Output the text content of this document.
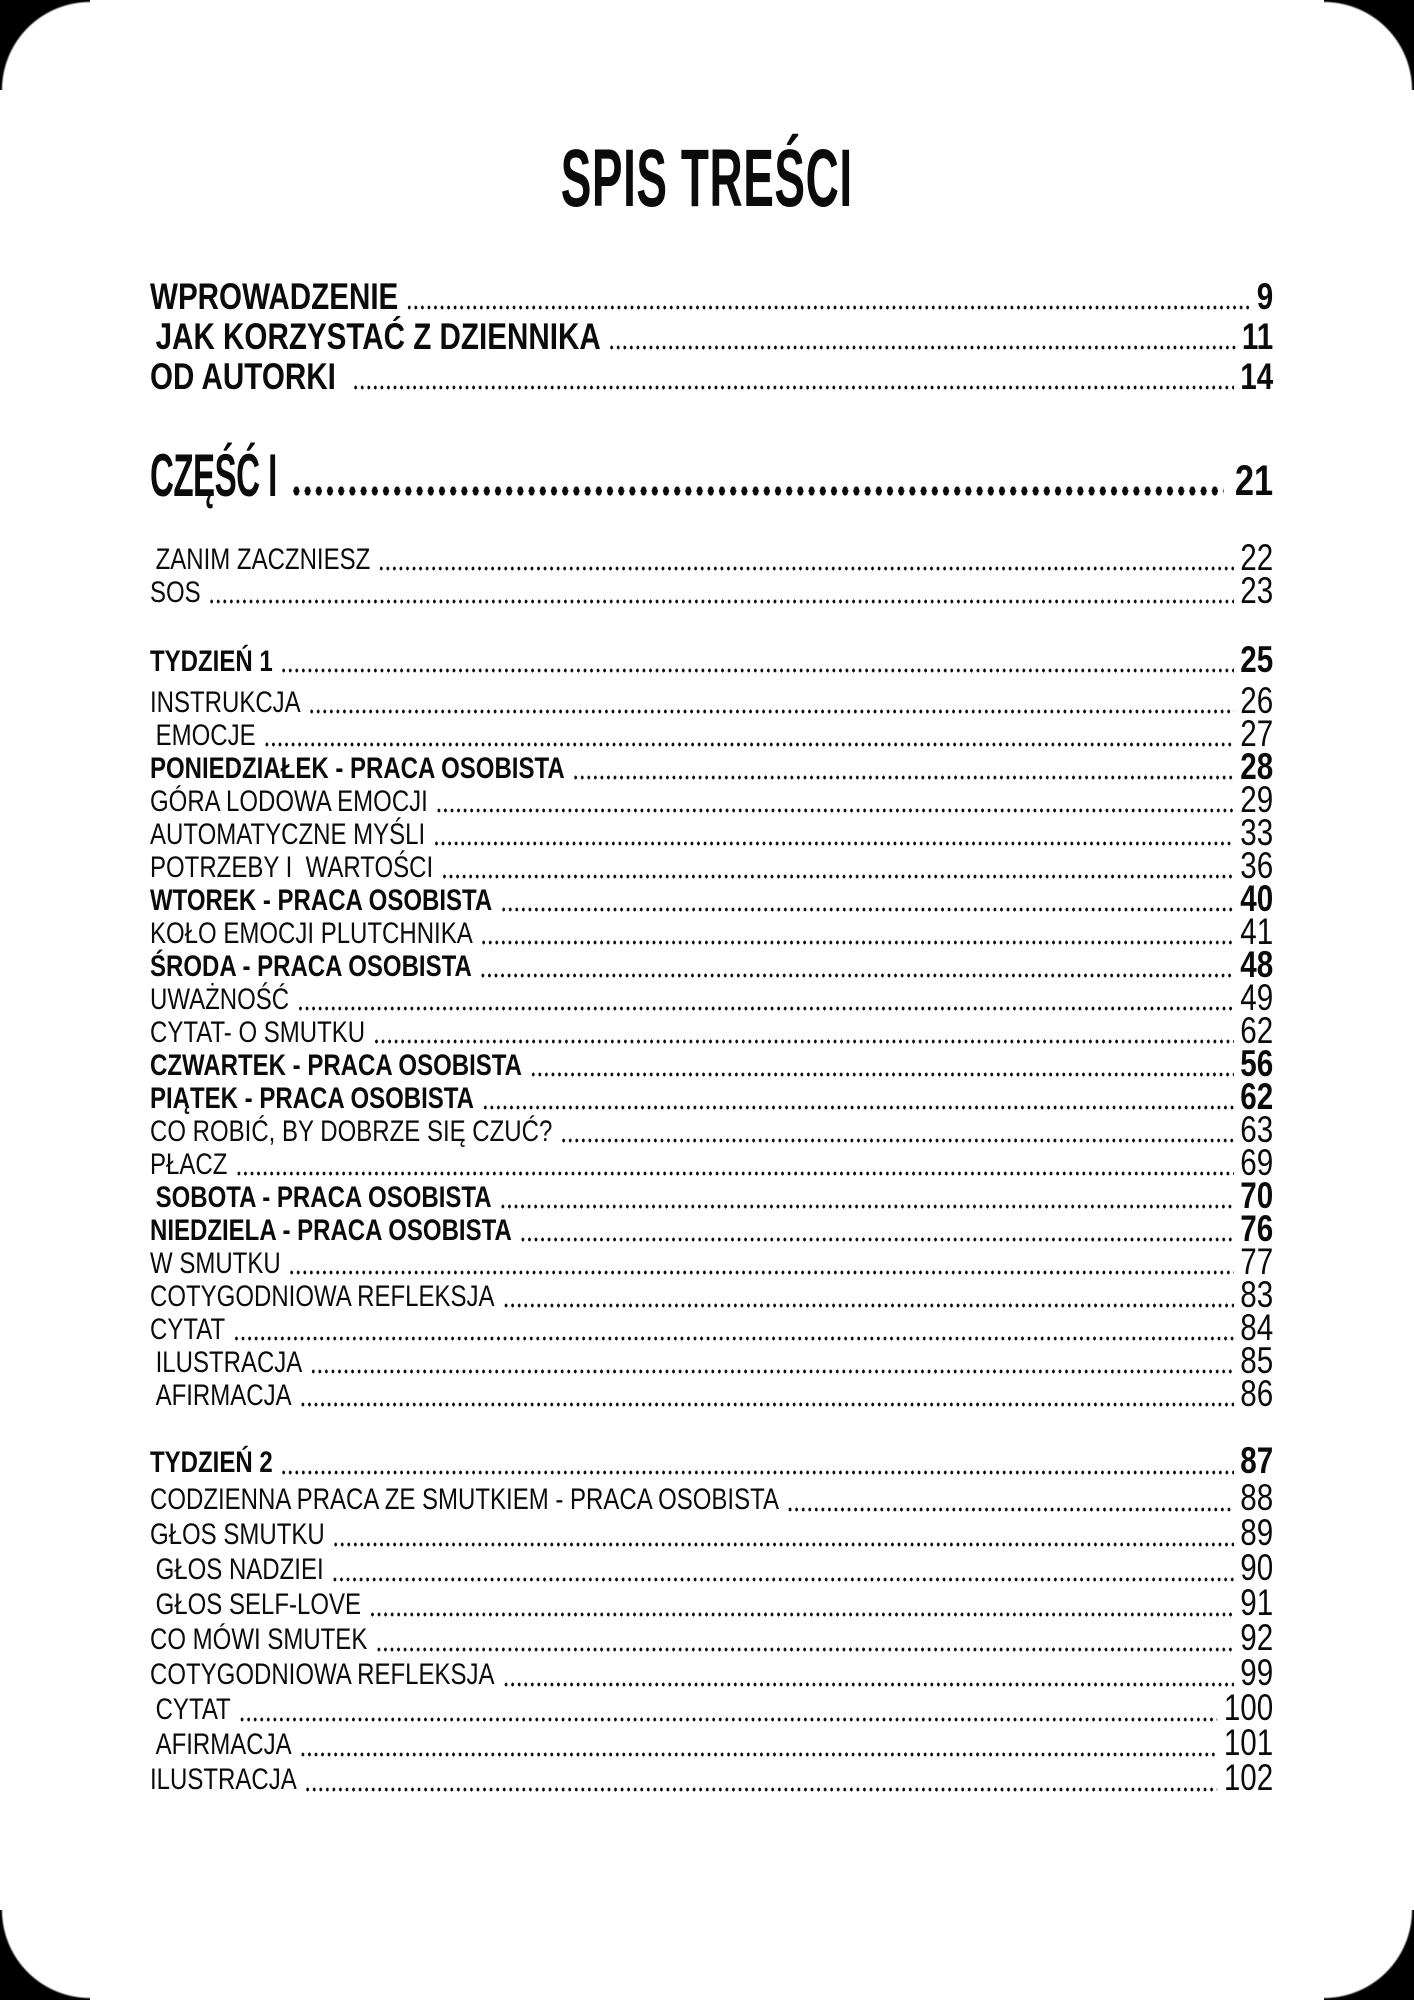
SPIS TREŚCI
WPROWADZENIE	9
JAK KORZYSTAĆ Z DZIENNIKA	11
OD AUTORKI	14
CZĘŚĆ I	21
ZANIM ZACZNIESZ	22
SOS	23
TYDZIEŃ 1	25
INSTRUKCJA	26
EMOCJE	27
PONIEDZIAŁEK - PRACA OSOBISTA	28
GÓRA LODOWA EMOCJI	29
AUTOMATYCZNE MYŚLI	33
POTRZEBY I  WARTOŚCI	36
WTOREK - PRACA OSOBISTA	40
KOŁO EMOCJI PLUTCHNIKA	41
ŚRODA - PRACA OSOBISTA	48
UWAŻNOŚĆ	49
CYTAT- O SMUTKU	62
CZWARTEK - PRACA OSOBISTA	56
PIĄTEK - PRACA OSOBISTA	62
CO ROBIĆ, BY DOBRZE SIĘ CZUĆ?	63
PŁACZ	69
SOBOTA - PRACA OSOBISTA	70
NIEDZIELA - PRACA OSOBISTA	76
W SMUTKU	77
COTYGODNIOWA REFLEKSJA	83
CYTAT	84
ILUSTRACJA	85
AFIRMACJA	86
TYDZIEŃ 2	87
CODZIENNA PRACA ZE SMUTKIEM - PRACA OSOBISTA	88
GŁOS SMUTKU	89
GŁOS NADZIEI	90
GŁOS SELF-LOVE	91
CO MÓWI SMUTEK	92
COTYGODNIOWA REFLEKSJA	99
CYTAT	100
AFIRMACJA	101
ILUSTRACJA	102
